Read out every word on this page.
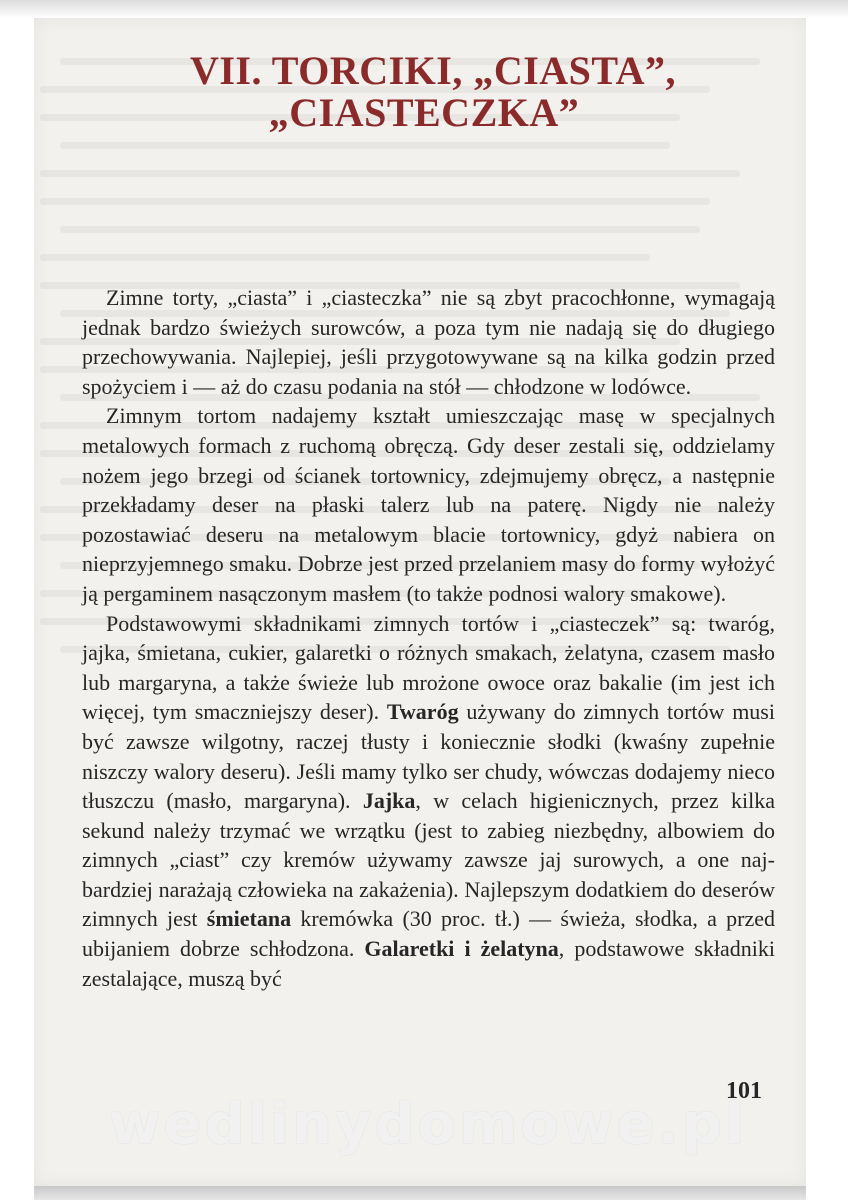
VII. TORCIKI, „CIASTA”,
„CIASTECZKA”

Zimne torty, „ciasta” i „ciasteczka” nie są zbyt pracochłonne, wymagają jednak bardzo świeżych surowców, a poza tym nie nadają się do długiego przechowywania. Najlepiej, jeśli przygotowywane są na kilka godzin przed spożyciem i — aż do czasu podania na stół — chłodzone w lodówce.

Zimnym tortom nadajemy kształt umieszczając masę w specjalnych metalowych formach z ruchomą obręczą. Gdy deser zestali się, oddzielamy nożem jego brzegi od ścianek tortownicy, zdejmujemy obręcz, a następnie przekładamy deser na płaski talerz lub na paterę. Nigdy nie należy pozostawiać deseru na metalowym blacie tortownicy, gdyż nabiera on nieprzyjemnego smaku. Dobrze jest przed przelaniem masy do formy wyłożyć ją pergaminem nasączonym masłem (to także podnosi walory smakowe).

Podstawowymi składnikami zimnych tortów i „ciasteczek” są: twaróg, jajka, śmietana, cukier, galaretki o różnych smakach, żelatyna, czasem masło lub margaryna, a także świeże lub mrożone owoce oraz bakalie (im jest ich więcej, tym smaczniejszy deser). Twaróg używany do zimnych tortów musi być zawsze wilgotny, raczej tłusty i koniecznie słodki (kwaśny zupełnie niszczy walory deseru). Jeśli mamy tylko ser chudy, wówczas dodajemy nieco tłuszczu (masło, margaryna). Jajka, w celach higienicznych, przez kilka sekund należy trzymać we wrzątku (jest to zabieg niezbędny, albowiem do zimnych „ciast” czy kremów używamy zawsze jaj surowych, a one najbardziej narażają człowieka na zakażenia). Najlepszym dodatkiem do deserów zimnych jest śmietana kremówka (30 proc. tł.) — świeża, słodka, a przed ubijaniem dobrze schłodzona. Galaretki i żelatyna, podstawowe składniki zestalające, muszą być

101
wedlinydomowe.pl
